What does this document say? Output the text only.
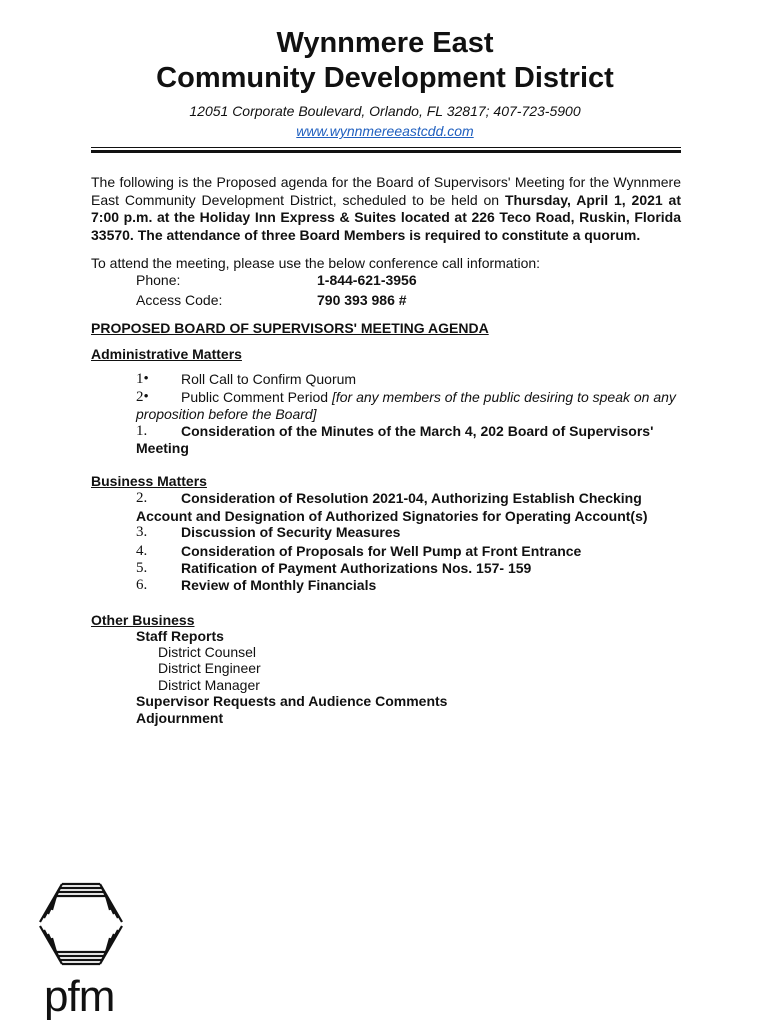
Wynnmere East
Community Development District
12051 Corporate Boulevard, Orlando, FL 32817; 407-723-5900
www.wynnmereeastcdd.com
The following is the Proposed agenda for the Board of Supervisors' Meeting for the Wynnmere East Community Development District, scheduled to be held on Thursday, April 1, 2021 at 7:00 p.m. at the Holiday Inn Express & Suites located at 226 Teco Road, Ruskin, Florida 33570. The attendance of three Board Members is required to constitute a quorum.
To attend the meeting, please use the below conference call information:
Phone:	1-844-621-3956
Access Code:	790 393 986 #
PROPOSED BOARD OF SUPERVISORS' MEETING AGENDA
Administrative Matters
1• Roll Call to Confirm Quorum
2• Public Comment Period [for any members of the public desiring to speak on any
proposition before the Board]
1. Consideration of the Minutes of the March 4, 202 Board of Supervisors'
Meeting
Business Matters
2. Consideration of Resolution 2021-04, Authorizing Establish Checking
Account and Designation of Authorized Signatories for Operating Account(s)
3. Discussion of Security Measures
4. Consideration of Proposals for Well Pump at Front Entrance
5. Ratification of Payment Authorizations Nos. 157- 159
6. Review of Monthly Financials
Other Business
Staff Reports
District Counsel
District Engineer
District Manager
Supervisor Requests and Audience Comments
Adjournment
pfm
